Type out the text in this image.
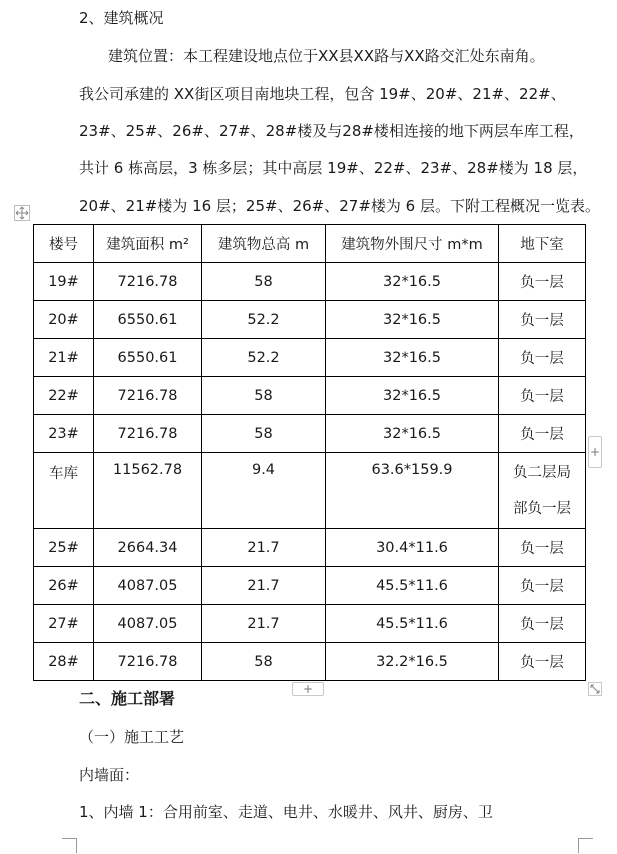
2、建筑概况
建筑位置：本工程建设地点位于XX县XX路与XX路交汇处东南角。
我公司承建的 XX街区项目南地块工程，包含 19#、20#、21#、22#、
23#、25#、26#、27#、28#楼及与28#楼相连接的地下两层车库工程，
共计 6 栋高层，3 栋多层；其中高层 19#、22#、23#、28#楼为 18 层，
20#、21#楼为 16 层；25#、26#、27#楼为 6 层。下附工程概况一览表。
楼号	建筑面积 m²	建筑物总高 m	建筑物外围尺寸 m*m	地下室
19#	7216.78	58	32*16.5	负一层
20#	6550.61	52.2	32*16.5	负一层
21#	6550.61	52.2	32*16.5	负一层
22#	7216.78	58	32*16.5	负一层
23#	7216.78	58	32*16.5	负一层
车库	11562.78	9.4	63.6*159.9	负二层局
部负一层

25#	2664.34	21.7	30.4*11.6	负一层
26#	4087.05	21.7	45.5*11.6	负一层
27#	4087.05	21.7	45.5*11.6	负一层
28#	7216.78	58	32.2*16.5	负一层
+
+
二、施工部署
（一）施工工艺
内墙面：
1、内墙 1：合用前室、走道、电井、水暖井、风井、厨房、卫
